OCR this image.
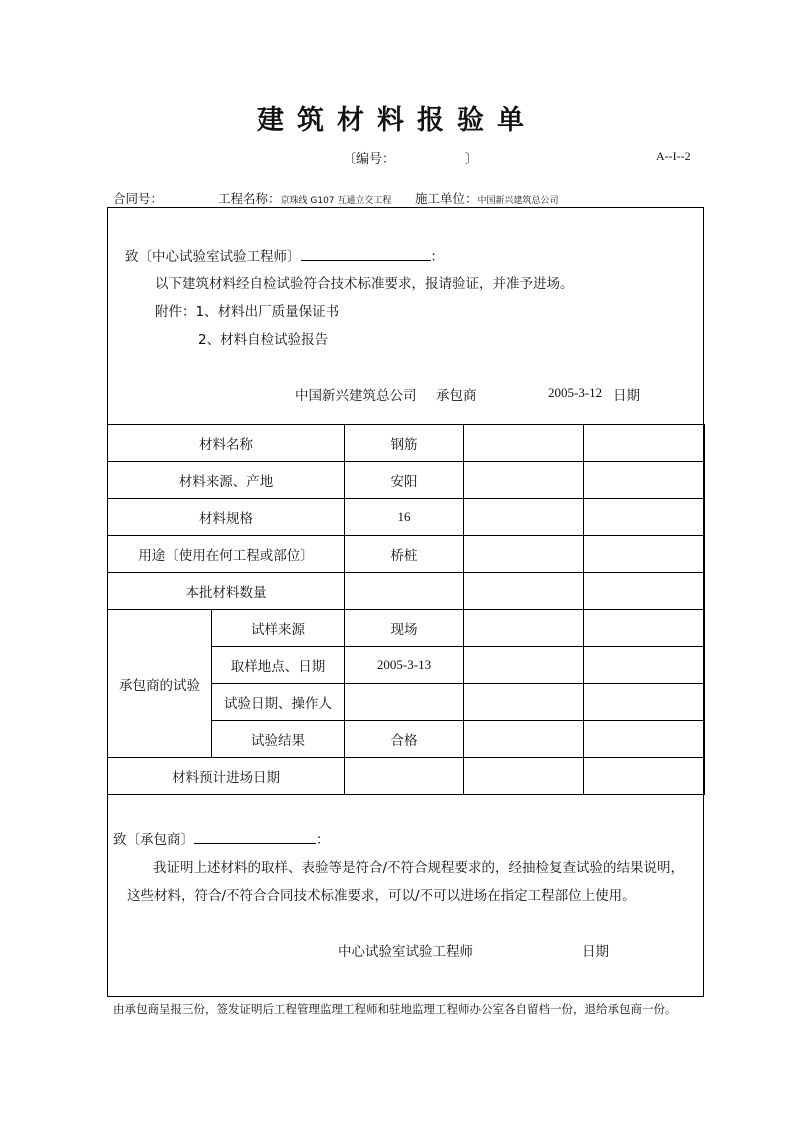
建筑材料报验单
〔编号：	〕	A--I--2
合同号：	工程名称：京珠线 G107 互通立交工程 施工单位：中国新兴建筑总公司
致〔中心试验室试验工程师〕	：
以下建筑材料经自检试验符合技术标准要求，报请验证，并准予进场。
附件：1、材料出厂质量保证书
2、材料自检试验报告
中国新兴建筑总公司 承包商	2005-3-12 日期
材料名称		钢筋		
材料来源、产地		安阳		
材料规格		16		
用途〔使用在何工程或部位〕		桥桩		
本批材料数量				
承包商的试验	试样来源	现场		
	取样地点、日期	2005-3-13		
	试验日期、操作人			
	试验结果	合格		
材料预计进场日期				
致〔承包商〕	：
我证明上述材料的取样、表验等是符合/不符合规程要求的，经抽检复查试验的结果说明，
这些材料，符合/不符合合同技术标准要求，可以/不可以进场在指定工程部位上使用。
中心试验室试验工程师	日期
由承包商呈报三份，签发证明后工程管理监理工程师和驻地监理工程师办公室各自留档一份，退给承包商一份。
